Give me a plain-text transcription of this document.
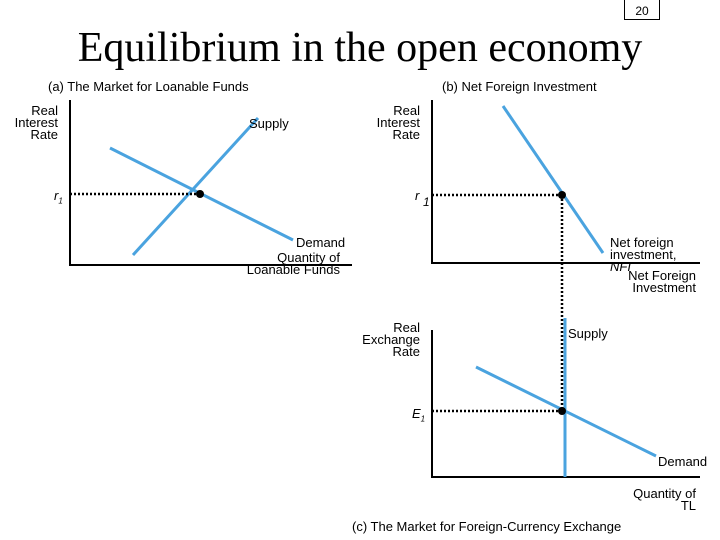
20
Equilibrium in the open economy
(a) The Market for Loanable Funds	(b) Net Foreign Investment
(c) The Market for Foreign-Currency Exchange
Real
Interest
Rate
Quantity of
Loanable Funds
Supply
Demand
$r_1$
Real
Interest
Rate
Net Foreign
Investment

Net foreign
investment,
NFI

r 1
Real
Exchange
Rate
Quantity of
TL
Supply
Demand
$E_1$
